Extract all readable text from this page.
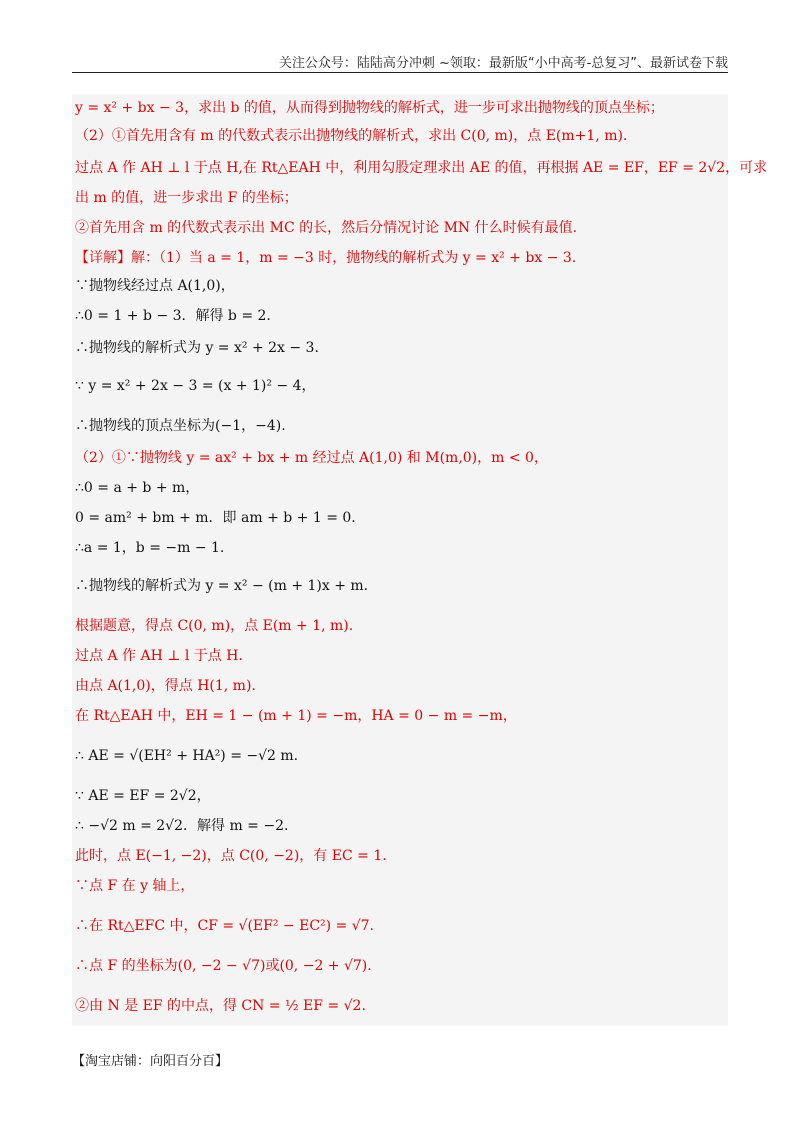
关注公众号：陆陆高分冲刺 ~领取：最新版“小中高考-总复习”、最新试卷下载
y = x² + bx − 3，求出 b 的值，从而得到抛物线的解析式，进一步可求出抛物线的顶点坐标；
（2）①首先用含有 m 的代数式表示出抛物线的解析式，求出 C(0, m)，点 E(m+1, m).
过点 A 作 AH ⊥ l 于点 H,在 Rt△EAH 中，利用勾股定理求出 AE 的值，再根据 AE = EF，EF = 2√2，可求
出 m 的值，进一步求出 F 的坐标；
②首先用含 m 的代数式表示出 MC 的长，然后分情况讨论 MN 什么时候有最值.
【详解】解：（1）当 a = 1，m = −3 时，抛物线的解析式为 y = x² + bx − 3.
∵抛物线经过点 A(1,0)，
∴0 = 1 + b − 3．解得 b = 2.
∴抛物线的解析式为 y = x² + 2x − 3.
∵ y = x² + 2x − 3 = (x + 1)² − 4，
∴抛物线的顶点坐标为(−1，−4).
（2）①∵抛物线 y = ax² + bx + m 经过点 A(1,0) 和 M(m,0)，m < 0，
∴0 = a + b + m，
0 = am² + bm + m．即 am + b + 1 = 0.
∴a = 1，b = −m − 1.
∴抛物线的解析式为 y = x² − (m + 1)x + m.
根据题意，得点 C(0, m)，点 E(m + 1, m).
过点 A 作 AH ⊥ l 于点 H.
由点 A(1,0)，得点 H(1, m).
在 Rt△EAH 中，EH = 1 − (m + 1) = −m，HA = 0 − m = −m，
∴ AE = √(EH² + HA²) = −√2 m.
∵ AE = EF = 2√2，
∴ −√2 m = 2√2．解得 m = −2.
此时，点 E(−1, −2)，点 C(0, −2)，有 EC = 1.
∵点 F 在 y 轴上，
∴在 Rt△EFC 中，CF = √(EF² − EC²) = √7.
∴点 F 的坐标为(0, −2 − √7)或(0, −2 + √7).
②由 N 是 EF 的中点，得 CN = ½ EF = √2.
【淘宝店铺：向阳百分百】
